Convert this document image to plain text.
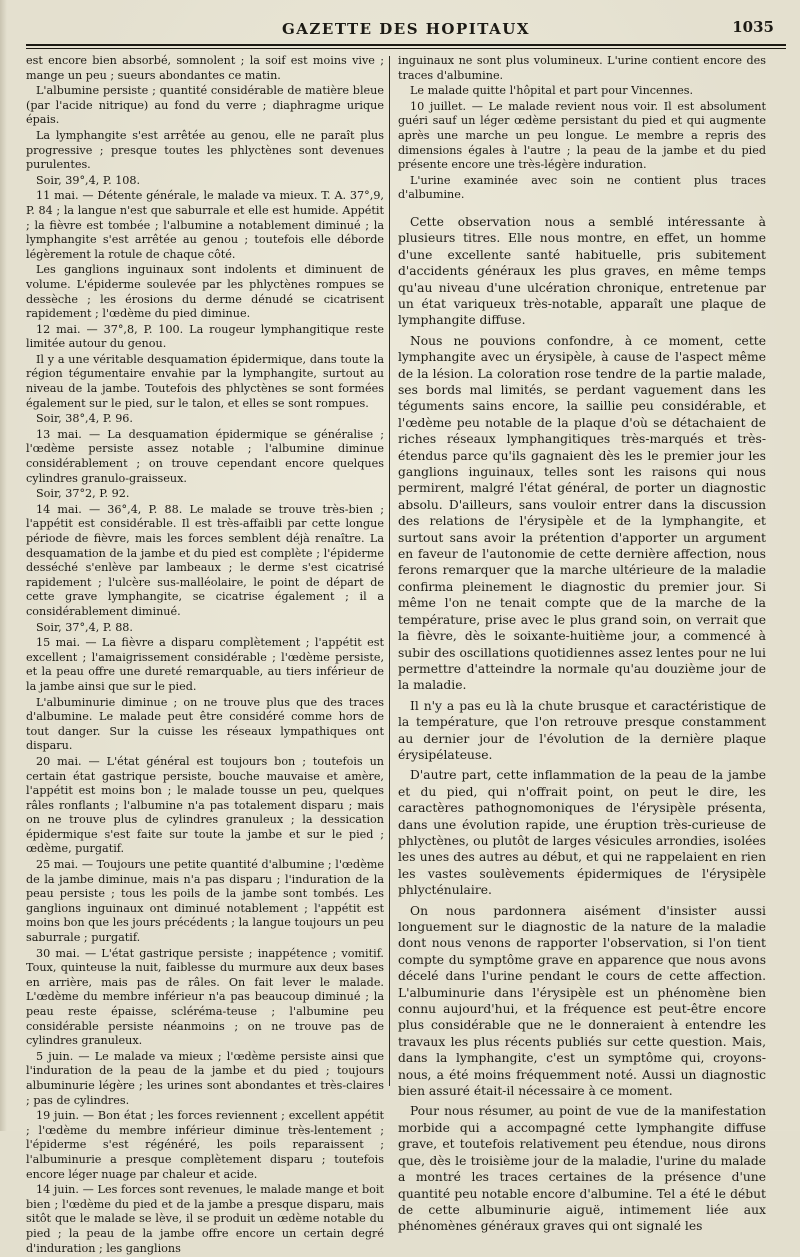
GAZETTE DES HOPITAUX	1035

est encore bien absorbé, somnolent ; la soif est moins vive ; mange un peu ; sueurs abondantes ce matin.

L'albumine persiste ; quantité considérable de matière bleue (par l'acide nitrique) au fond du verre ; diaphragme urique épais.

La lymphangite s'est arrêtée au genou, elle ne paraît plus progressive ; presque toutes les phlyctènes sont devenues purulentes.

Soir, 39°,4, P. 108.

11 mai. — Détente générale, le malade va mieux. T. A. 37°,9, P. 84 ; la langue n'est que saburrale et elle est humide. Appétit ; la fièvre est tombée ; l'albumine a notablement diminué ; la lymphangite s'est arrêtée au genou ; toutefois elle déborde légèrement la rotule de chaque côté.

Les ganglions inguinaux sont indolents et diminuent de volume. L'épiderme soulevée par les phlyctènes rompues se dessèche ; les érosions du derme dénudé se cicatrisent rapidement ; l'œdème du pied diminue.

12 mai. — 37°,8, P. 100. La rougeur lymphangitique reste limitée autour du genou.

Il y a une véritable desquamation épidermique, dans toute la région tégumentaire envahie par la lymphangite, surtout au niveau de la jambe. Toutefois des phlyctènes se sont formées également sur le pied, sur le talon, et elles se sont rompues.

Soir, 38°,4, P. 96.

13 mai. — La desquamation épidermique se généralise ; l'œdème persiste assez notable ; l'albumine diminue considérablement ; on trouve cependant encore quelques cylindres granulo-graisseux.

Soir, 37°2, P. 92.

14 mai. — 36°,4, P. 88. Le malade se trouve très-bien ; l'appétit est considérable. Il est très-affaibli par cette longue période de fièvre, mais les forces semblent déjà renaître. La desquamation de la jambe et du pied est complète ; l'épiderme desséché s'enlève par lambeaux ; le derme s'est cicatrisé rapidement ; l'ulcère sus-malléolaire, le point de départ de cette grave lymphangite, se cicatrise également ; il a considérablement diminué.

Soir, 37°,4, P. 88.

15 mai. — La fièvre a disparu complètement ; l'appétit est excellent ; l'amaigrissement considérable ; l'œdème persiste, et la peau offre une dureté remarquable, au tiers inférieur de la jambe ainsi que sur le pied.

L'albuminurie diminue ; on ne trouve plus que des traces d'albumine. Le malade peut être considéré comme hors de tout danger. Sur la cuisse les réseaux lympathiques ont disparu.

20 mai. — L'état général est toujours bon ; toutefois un certain état gastrique persiste, bouche mauvaise et amère, l'appétit est moins bon ; le malade tousse un peu, quelques râles ronflants ; l'albumine n'a pas totalement disparu ; mais on ne trouve plus de cylindres granuleux ; la dessication épidermique s'est faite sur toute la jambe et sur le pied ; œdème, purgatif.

25 mai. — Toujours une petite quantité d'albumine ; l'œdème de la jambe diminue, mais n'a pas disparu ; l'induration de la peau persiste ; tous les poils de la jambe sont tombés. Les ganglions inguinaux ont diminué notablement ; l'appétit est moins bon que les jours précédents ; la langue toujours un peu saburrale ; purgatif.

30 mai. — L'état gastrique persiste ; inappétence ; vomitif. Toux, quinteuse la nuit, faiblesse du murmure aux deux bases en arrière, mais pas de râles. On fait lever le malade. L'œdème du membre inférieur n'a pas beaucoup diminué ; la peau reste épaisse, scléréma-teuse ; l'albumine peu considérable persiste néanmoins ; on ne trouve pas de cylindres granuleux.

5 juin. — Le malade va mieux ; l'œdème persiste ainsi que l'induration de la peau de la jambe et du pied ; toujours albuminurie légère ; les urines sont abondantes et très-claires ; pas de cylindres.

19 juin. — Bon état ; les forces reviennent ; excellent appétit ; l'œdème du membre inférieur diminue très-lentement ; l'épiderme s'est régénéré, les poils reparaissent ; l'albuminurie a presque complètement disparu ; toutefois encore léger nuage par chaleur et acide.

14 juin. — Les forces sont revenues, le malade mange et boit bien ; l'œdème du pied et de la jambe a presque disparu, mais sitôt que le malade se lève, il se produit un œdème notable du pied ; la peau de la jambe offre encore un certain degré d'induration ; les ganglions

inguinaux ne sont plus volumineux. L'urine contient encore des traces d'albumine.

Le malade quitte l'hôpital et part pour Vincennes.

10 juillet. — Le malade revient nous voir. Il est absolument guéri sauf un léger œdème persistant du pied et qui augmente après une marche un peu longue. Le membre a repris des dimensions égales à l'autre ; la peau de la jambe et du pied présente encore une très-légère induration.

L'urine examinée avec soin ne contient plus traces d'albumine.

Cette observation nous a semblé intéressante à plusieurs titres. Elle nous montre, en effet, un homme d'une excellente santé habituelle, pris subitement d'accidents généraux les plus graves, en même temps qu'au niveau d'une ulcération chronique, entretenue par un état variqueux très-notable, apparaît une plaque de lymphangite diffuse.

Nous ne pouvions confondre, à ce moment, cette lymphangite avec un érysipèle, à cause de l'aspect même de la lésion. La coloration rose tendre de la partie malade, ses bords mal limités, se perdant vaguement dans les téguments sains encore, la saillie peu considérable, et l'œdème peu notable de la plaque d'où se détachaient de riches réseaux lymphangitiques très-marqués et très-étendus parce qu'ils gagnaient dès les le premier jour les ganglions inguinaux, telles sont les raisons qui nous permirent, malgré l'état général, de porter un diagnostic absolu. D'ailleurs, sans vouloir entrer dans la discussion des relations de l'érysipèle et de la lymphangite, et surtout sans avoir la prétention d'apporter un argument en faveur de l'autonomie de cette dernière affection, nous ferons remarquer que la marche ultérieure de la maladie confirma pleinement le diagnostic du premier jour. Si même l'on ne tenait compte que de la marche de la température, prise avec le plus grand soin, on verrait que la fièvre, dès le soixante-huitième jour, a commencé à subir des oscillations quotidiennes assez lentes pour ne lui permettre d'atteindre la normale qu'au douzième jour de la maladie.

Il n'y a pas eu là la chute brusque et caractéristique de la température, que l'on retrouve presque constamment au dernier jour de l'évolution de la dernière plaque érysipélateuse.

D'autre part, cette inflammation de la peau de la jambe et du pied, qui n'offrait point, on peut le dire, les caractères pathognomoniques de l'érysipèle présenta, dans une évolution rapide, une éruption très-curieuse de phlyctènes, ou plutôt de larges vésicules arrondies, isolées les unes des autres au début, et qui ne rappelaient en rien les vastes soulèvements épidermiques de l'érysipèle phlycténulaire.

On nous pardonnera aisément d'insister aussi longuement sur le diagnostic de la nature de la maladie dont nous venons de rapporter l'observation, si l'on tient compte du symptôme grave en apparence que nous avons décelé dans l'urine pendant le cours de cette affection. L'albuminurie dans l'érysipèle est un phénomène bien connu aujourd'hui, et la fréquence est peut-être encore plus considérable que ne le donneraient à entendre les travaux les plus récents publiés sur cette question. Mais, dans la lymphangite, c'est un symptôme qui, croyons-nous, a été moins fréquemment noté. Aussi un diagnostic bien assuré était-il nécessaire à ce moment.

Pour nous résumer, au point de vue de la manifestation morbide qui a accompagné cette lymphangite diffuse grave, et toutefois relativement peu étendue, nous dirons que, dès le troisième jour de la maladie, l'urine du malade a montré les traces certaines de la présence d'une quantité peu notable encore d'albumine. Tel a été le début de cette albuminurie aiguë, intimement liée aux phénomènes généraux graves qui ont signalé les
